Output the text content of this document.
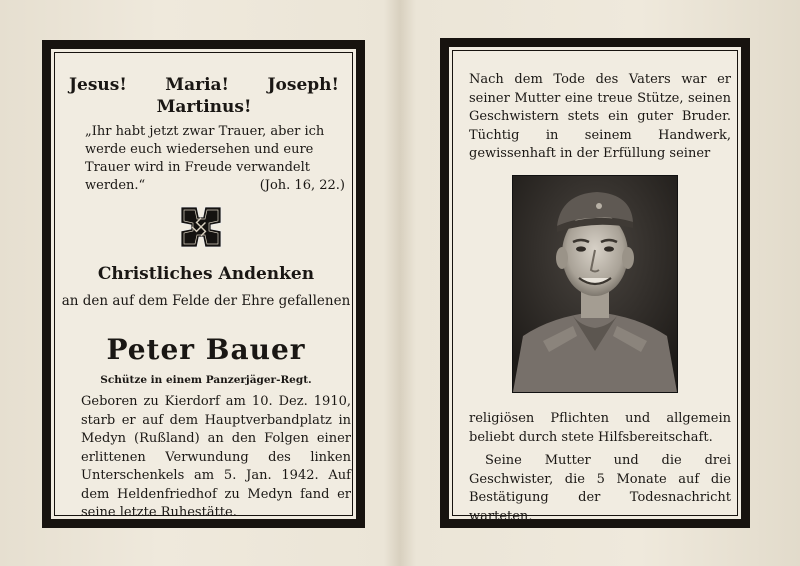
Jesus! Maria! Joseph!
Martinus!
„Ihr habt jetzt zwar Trauer, aber ich werde euch wiedersehen und eure Trauer wird in Freude verwandelt werden.“	(Joh. 16, 22.)
Christliches Andenken
an den auf dem Felde der Ehre gefallenen
Peter Bauer
Schütze in einem Panzerjäger-Regt.
Geboren zu Kierdorf am 10. Dez. 1910, starb er auf dem Hauptverbandplatz in Medyn (Rußland) an den Folgen einer erlittenen Verwundung des linken Unterschenkels am 5. Jan. 1942. Auf dem Heldenfriedhof zu Medyn fand er seine letzte Ruhestätte.
Nach dem Tode des Vaters war er seiner Mutter eine treue Stütze, seinen Geschwistern stets ein guter Bruder. Tüchtig in seinem Handwerk, gewissenhaft in der Erfüllung seiner
religiösen Pflichten und allgemein beliebt durch stete Hilfsbereitschaft.
Seine Mutter und die drei Geschwister, die 5 Monate auf die Bestätigung der Todesnachricht warteten,
